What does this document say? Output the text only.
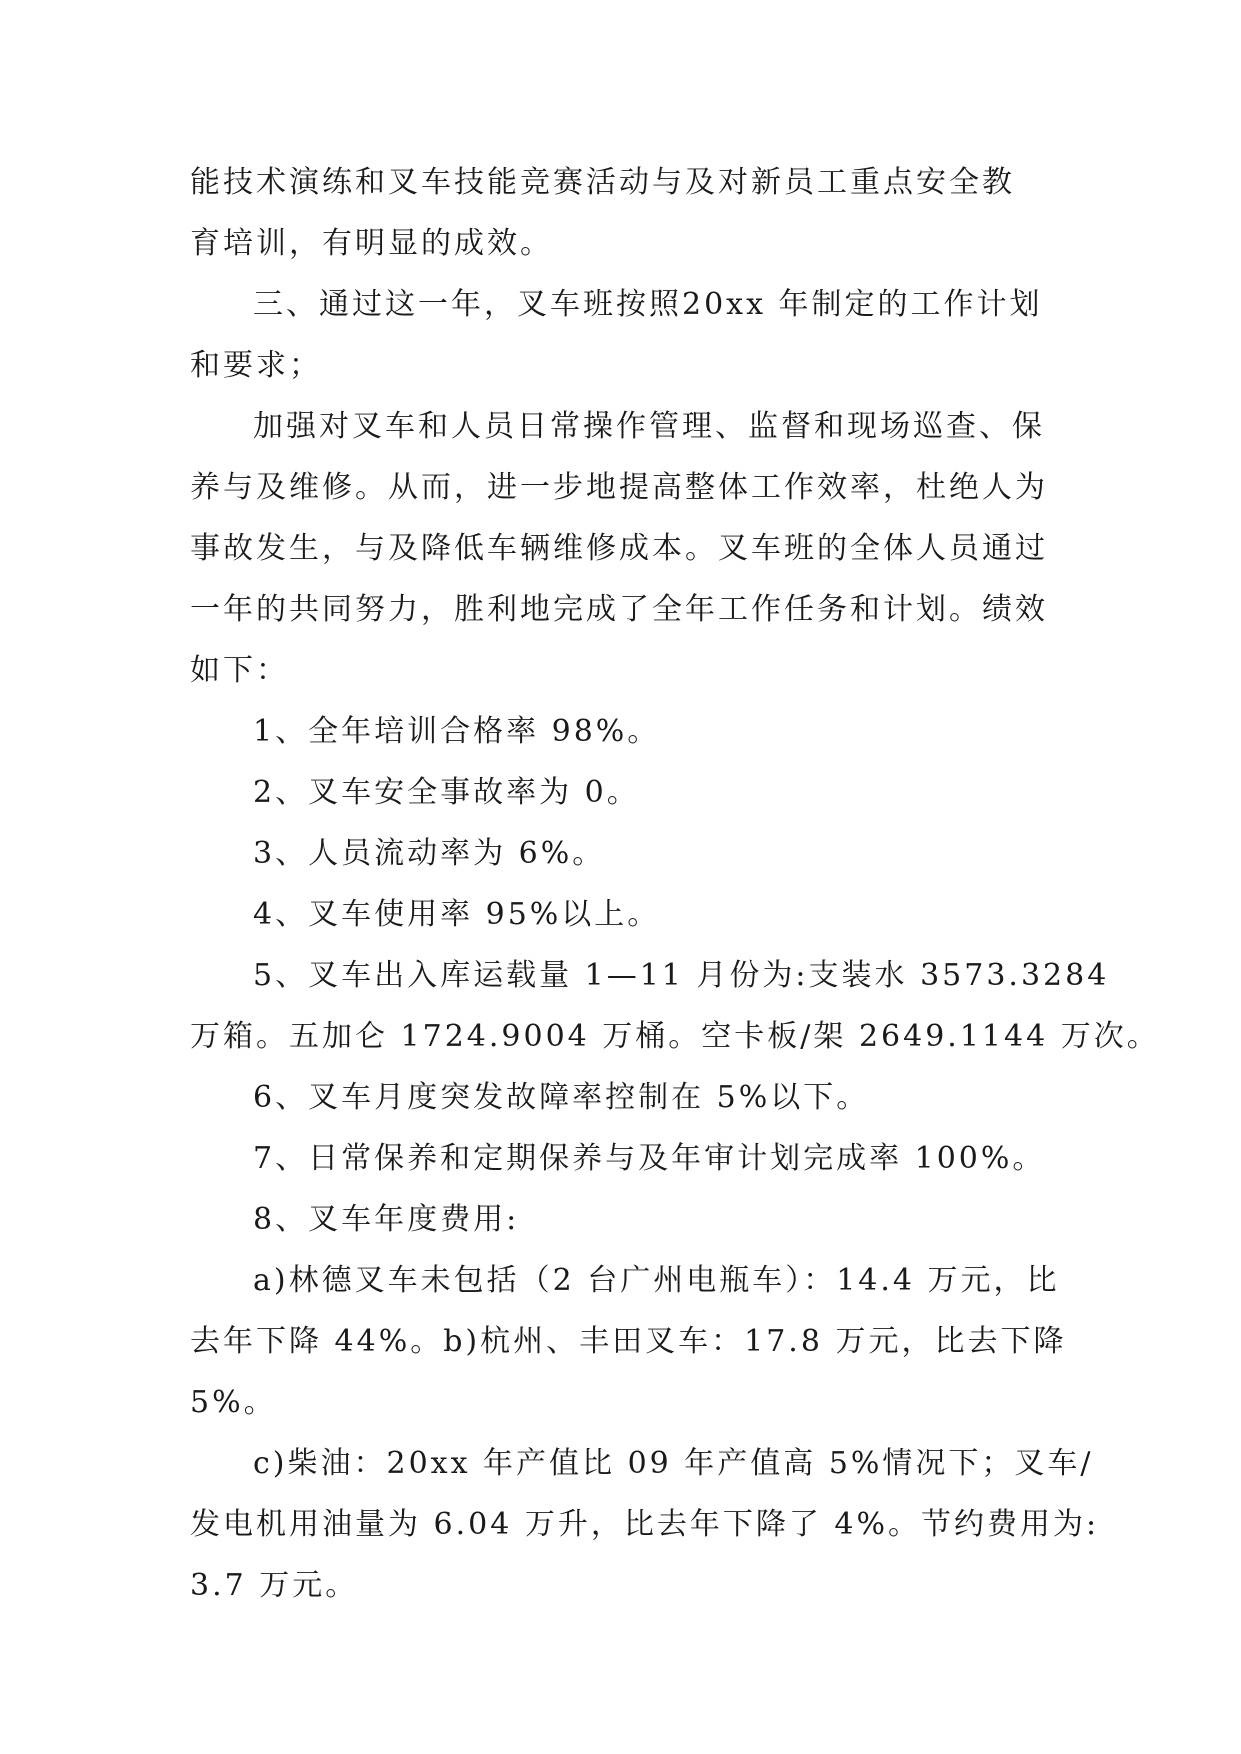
能技术演练和叉车技能竞赛活动与及对新员工重点安全教
育培训，有明显的成效。
三、通过这一年，叉车班按照20xx 年制定的工作计划
和要求；
加强对叉车和人员日常操作管理、监督和现场巡查、保
养与及维修。从而，进一步地提高整体工作效率，杜绝人为
事故发生，与及降低车辆维修成本。叉车班的全体人员通过
一年的共同努力，胜利地完成了全年工作任务和计划。绩效
如下：
1、全年培训合格率 98%。
2、叉车安全事故率为 0。
3、人员流动率为 6%。
4、叉车使用率 95%以上。
5、叉车出入库运载量 1—11 月份为:支装水 3573.3284
万箱。五加仑 1724.9004 万桶。空卡板/架 2649.1144 万次。
6、叉车月度突发故障率控制在 5%以下。
7、日常保养和定期保养与及年审计划完成率 100%。
8、叉车年度费用:
a)林德叉车未包括（2 台广州电瓶车）：14.4 万元，比
去年下降 44%。b)杭州、丰田叉车：17.8 万元，比去下降
5%。
c)柴油：20xx 年产值比 09 年产值高 5%情况下；叉车/
发电机用油量为 6.04 万升，比去年下降了 4%。节约费用为:
3.7 万元。
